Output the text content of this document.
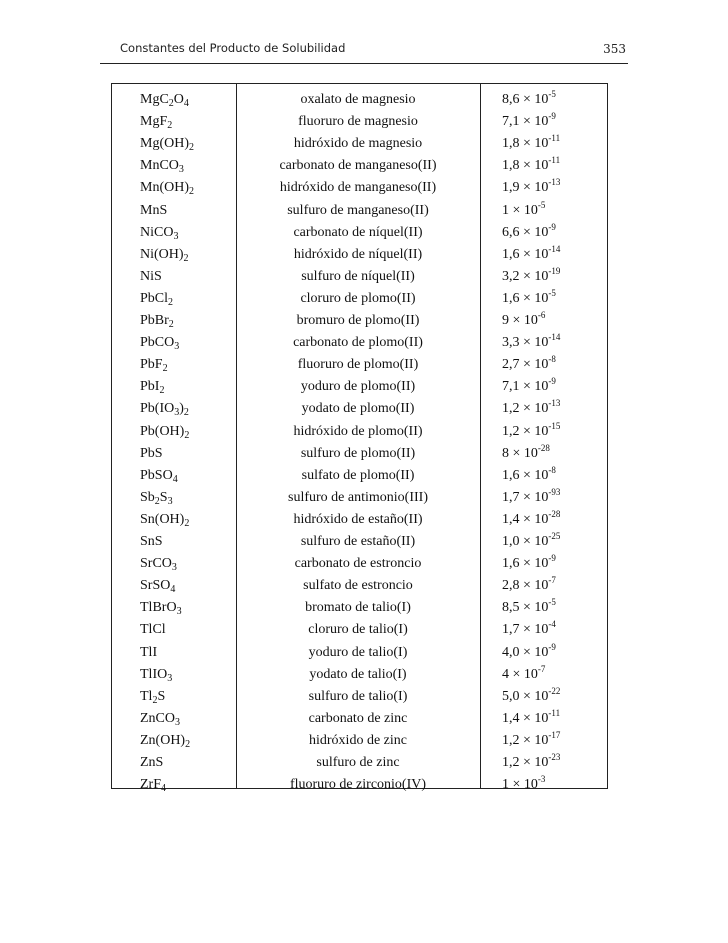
Constantes del Producto de Solubilidad	353
$MgC_2O_4$	oxalato de magnesio	$8,6 \times 10^{-5}$
MgF$_2$	fluoruro de magnesio	$7,1 \times 10^{-9}$
$Mg(OH)_2$	hidróxido de magnesio	$1,8 \times 10^{-11}$
MnCO$_3$	carbonato de manganeso(II)	$1,8 \times 10^{-11}$
$Mn(OH)_2$	hidróxido de manganeso(II)	$1,9 \times 10^{-13}$
MnS	sulfuro de manganeso(II)	$1 \times 10^{-5}$
NiCO$_3$	carbonato de níquel(II)	$6,6 \times 10^{-9}$
$Ni(OH)_2$	hidróxido de níquel(II)	$1,6 \times 10^{-14}$
NiS	sulfuro de níquel(II)	$3,2 \times 10^{-19}$
PbCl$_2$	cloruro de plomo(II)	$1,6 \times 10^{-5}$
PbBr$_2$	bromuro de plomo(II)	$9 \times 10^{-6}$
PbCO$_3$	carbonato de plomo(II)	$3,3 \times 10^{-14}$
PbF$_2$	fluoruro de plomo(II)	$2,7 \times 10^{-8}$
PbI$_2$	yoduro de plomo(II)	$7,1 \times 10^{-9}$
$Pb(IO_3)_2$	yodato de plomo(II)	$1,2 \times 10^{-13}$
$Pb(OH)_2$	hidróxido de plomo(II)	$1,2 \times 10^{-15}$
PbS	sulfuro de plomo(II)	$8 \times 10^{-28}$
PbSO$_4$	sulfato de plomo(II)	$1,6 \times 10^{-8}$
$Sb_2S_3$	sulfuro de antimonio(III)	$1,7 \times 10^{-93}$
$Sn(OH)_2$	hidróxido de estaño(II)	$1,4 \times 10^{-28}$
SnS	sulfuro de estaño(II)	$1,0 \times 10^{-25}$
SrCO$_3$	carbonato de estroncio	$1,6 \times 10^{-9}$
SrSO$_4$	sulfato de estroncio	$2,8 \times 10^{-7}$
TlBrO$_3$	bromato de talio(I)	$8,5 \times 10^{-5}$
TlCl	cloruro de talio(I)	$1,7 \times 10^{-4}$
TlI	yoduro de talio(I)	$4,0 \times 10^{-9}$
TlIO$_3$	yodato de talio(I)	$4 \times 10^{-7}$
$Tl_2S$	sulfuro de talio(I)	$5,0 \times 10^{-22}$
ZnCO$_3$	carbonato de zinc	$1,4 \times 10^{-11}$
$Zn(OH)_2$	hidróxido de zinc	$1,2 \times 10^{-17}$
ZnS	sulfuro de zinc	$1,2 \times 10^{-23}$
ZrF$_4$	fluoruro de zirconio(IV)	$1 \times 10^{-3}$
